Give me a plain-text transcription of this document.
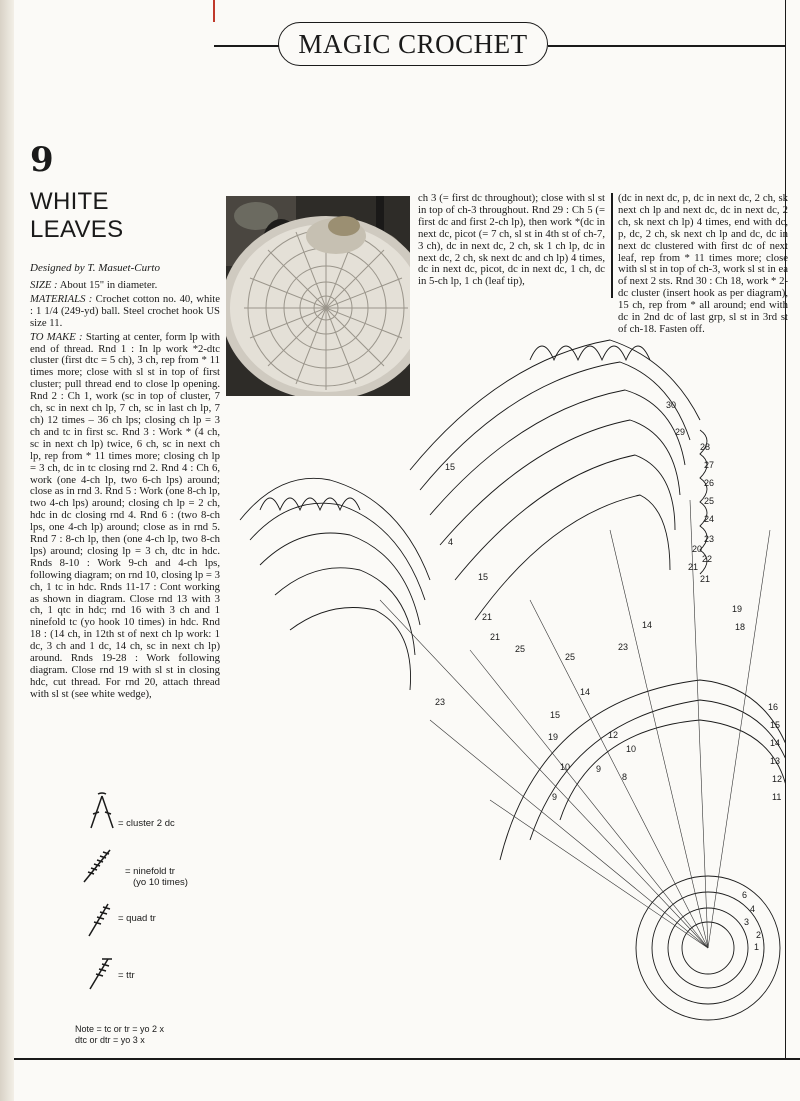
MAGIC CROCHET
9
WHITE
LEAVES
Designed by T. Masuet-Curto

SIZE : About 15" in diameter.

MATERIALS : Crochet cotton no. 40, white : 1 1/4 (249-yd) ball. Steel crochet hook US size 11.

TO MAKE : Starting at center, form lp with end of thread. Rnd 1 : In lp work *2-dtc cluster (first dtc = 5 ch), 3 ch, rep from * 11 times more; close with sl st in top of first cluster; pull thread end to close lp opening. Rnd 2 : Ch 1, work (sc in top of cluster, 7 ch, sc in next ch lp, 7 ch, sc in last ch lp, 7 ch) 12 times – 36 ch lps; closing ch lp = 3 ch and tc in first sc. Rnd 3 : Work * (4 ch, sc in next ch lp) twice, 6 ch, sc in next ch lp, rep from * 11 times more; closing ch lp = 3 ch, dc in tc closing rnd 2. Rnd 4 : Ch 6, work (one 4-ch lp, two 6-ch lps) around; close as in rnd 3. Rnd 5 : Work (one 8-ch lp, two 4-ch lps) around; closing ch lp = 2 ch, hdc in dc closing rnd 4. Rnd 6 : (two 8-ch lps, one 4-ch lp) around; close as in rnd 5. Rnd 7 : 8-ch lp, then (one 4-ch lp, two 8-ch lps) around; closing lp = 3 ch, dtc in hdc. Rnds 8-10 : Work 9-ch and 4-ch lps, following diagram; on rnd 10, closing lp = 3 ch, 1 tc in hdc. Rnds 11-17 : Cont working as shown in diagram. Close rnd 13 with 3 ch, 1 qtc in hdc; rnd 16 with 3 ch and 1 ninefold tc (yo hook 10 times) in hdc. Rnd 18 : (14 ch, in 12th st of next ch lp work: 1 dc, 3 ch and 1 dc, 14 ch, sc in next ch lp) around. Rnds 19-28 : Work following diagram. Close rnd 19 with sl st in closing hdc, cut thread. For rnd 20, attach thread with sl st (see white wedge),

ch 3 (= first dc throughout); close with sl st in top of ch-3 throughout. Rnd 29 : Ch 5 (= first dc and first 2-ch lp), then work *(dc in next dc, picot (= 7 ch, sl st in 4th st of ch-7, 3 ch), dc in next dc, 2 ch, sk 1 ch lp, dc in next dc, 2 ch, sk next dc and ch lp) 4 times, dc in next dc, picot, dc in next dc, 1 ch, dc in 5-ch lp, 1 ch (leaf tip),
(dc in next dc, p, dc in next dc, 2 ch, sk next ch lp and next dc, dc in next dc, 2 ch, sk next ch lp) 4 times, end with dc, p, dc, 2 ch, sk next ch lp and dc, dc in next dc clustered with first dc of next leaf, rep from * 11 times more; close with sl st in top of ch-3, work sl st in ea of next 2 sts. Rnd 30 : Ch 18, work * 2-dc cluster (insert hook as per diagram), 15 ch, rep from * all around; end with dc in 2nd dc of last grp, sl st in 3rd st of ch-18. Fasten off.
30
29
28
27
26
25
24
23
22
21
19
18
16
15
14
13
12
11
1
2
3
4
6
9
10
15
14
21
25
23
19
15
14
12
10
9
8
4
15
21
23
25
20
21
= cluster 2 dc
= ninefold tr
(yo 10 times)
= quad tr
= ttr
Note = tc or tr = yo 2 x
dtc or dtr = yo 3 x
